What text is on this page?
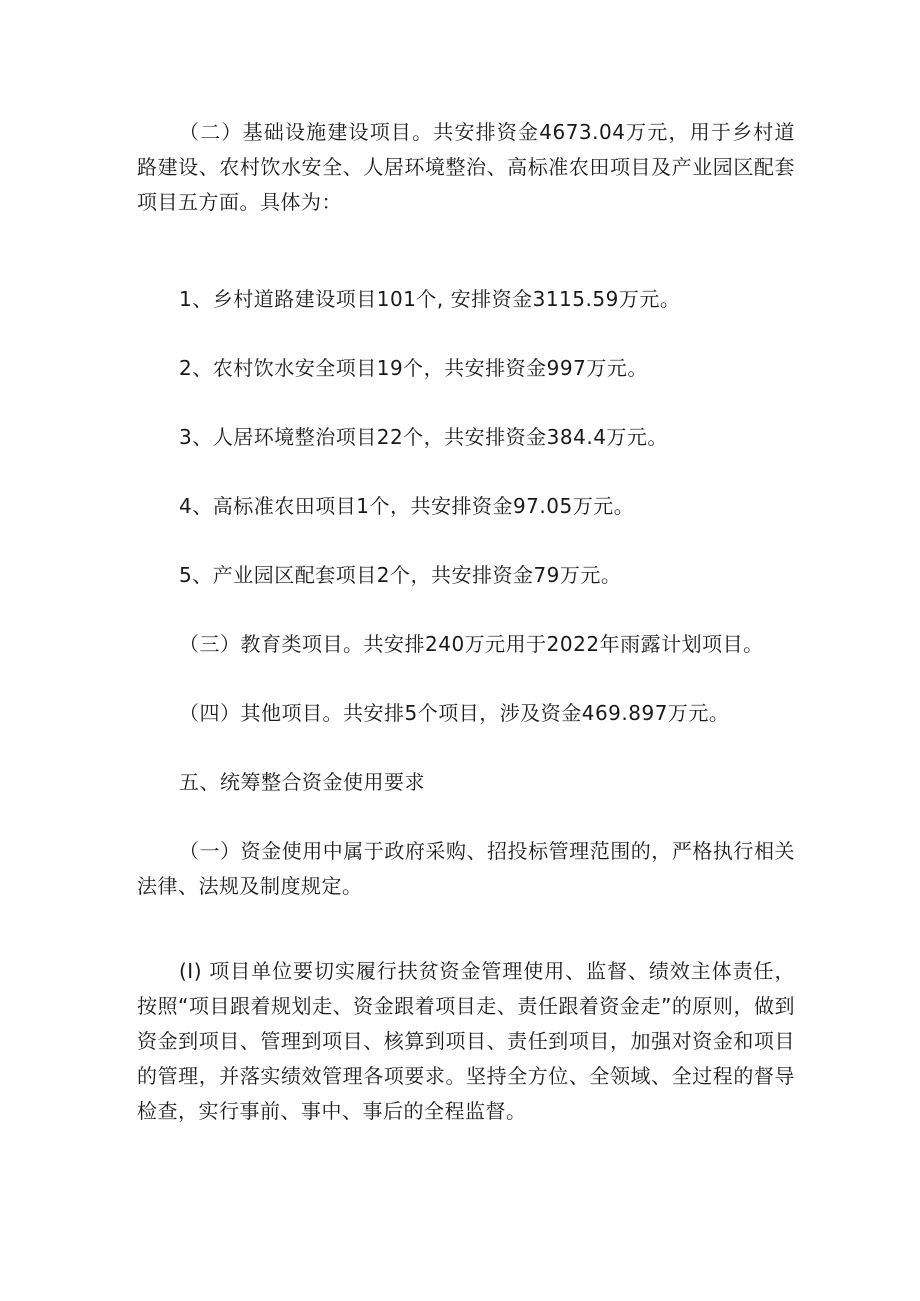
（二）基础设施建设项目。共安排资金4673.04万元，用于乡村道路建设、农村饮水安全、人居环境整治、高标准农田项目及产业园区配套项目五方面。具体为：

1、乡村道路建设项目101个, 安排资金3115.59万元。

2、农村饮水安全项目19个，共安排资金997万元。

3、人居环境整治项目22个，共安排资金384.4万元。

4、高标准农田项目1个，共安排资金97.05万元。

5、产业园区配套项目2个，共安排资金79万元。

（三）教育类项目。共安排240万元用于2022年雨露计划项目。

（四）其他项目。共安排5个项目，涉及资金469.897万元。

五、统筹整合资金使用要求

（一）资金使用中属于政府采购、招投标管理范围的，严格执行相关法律、法规及制度规定。

(I) 项目单位要切实履行扶贫资金管理使用、监督、绩效主体责任，按照“项目跟着规划走、资金跟着项目走、责任跟着资金走”的原则，做到资金到项目、管理到项目、核算到项目、责任到项目，加强对资金和项目的管理，并落实绩效管理各项要求。坚持全方位、全领域、全过程的督导检查，实行事前、事中、事后的全程监督。
